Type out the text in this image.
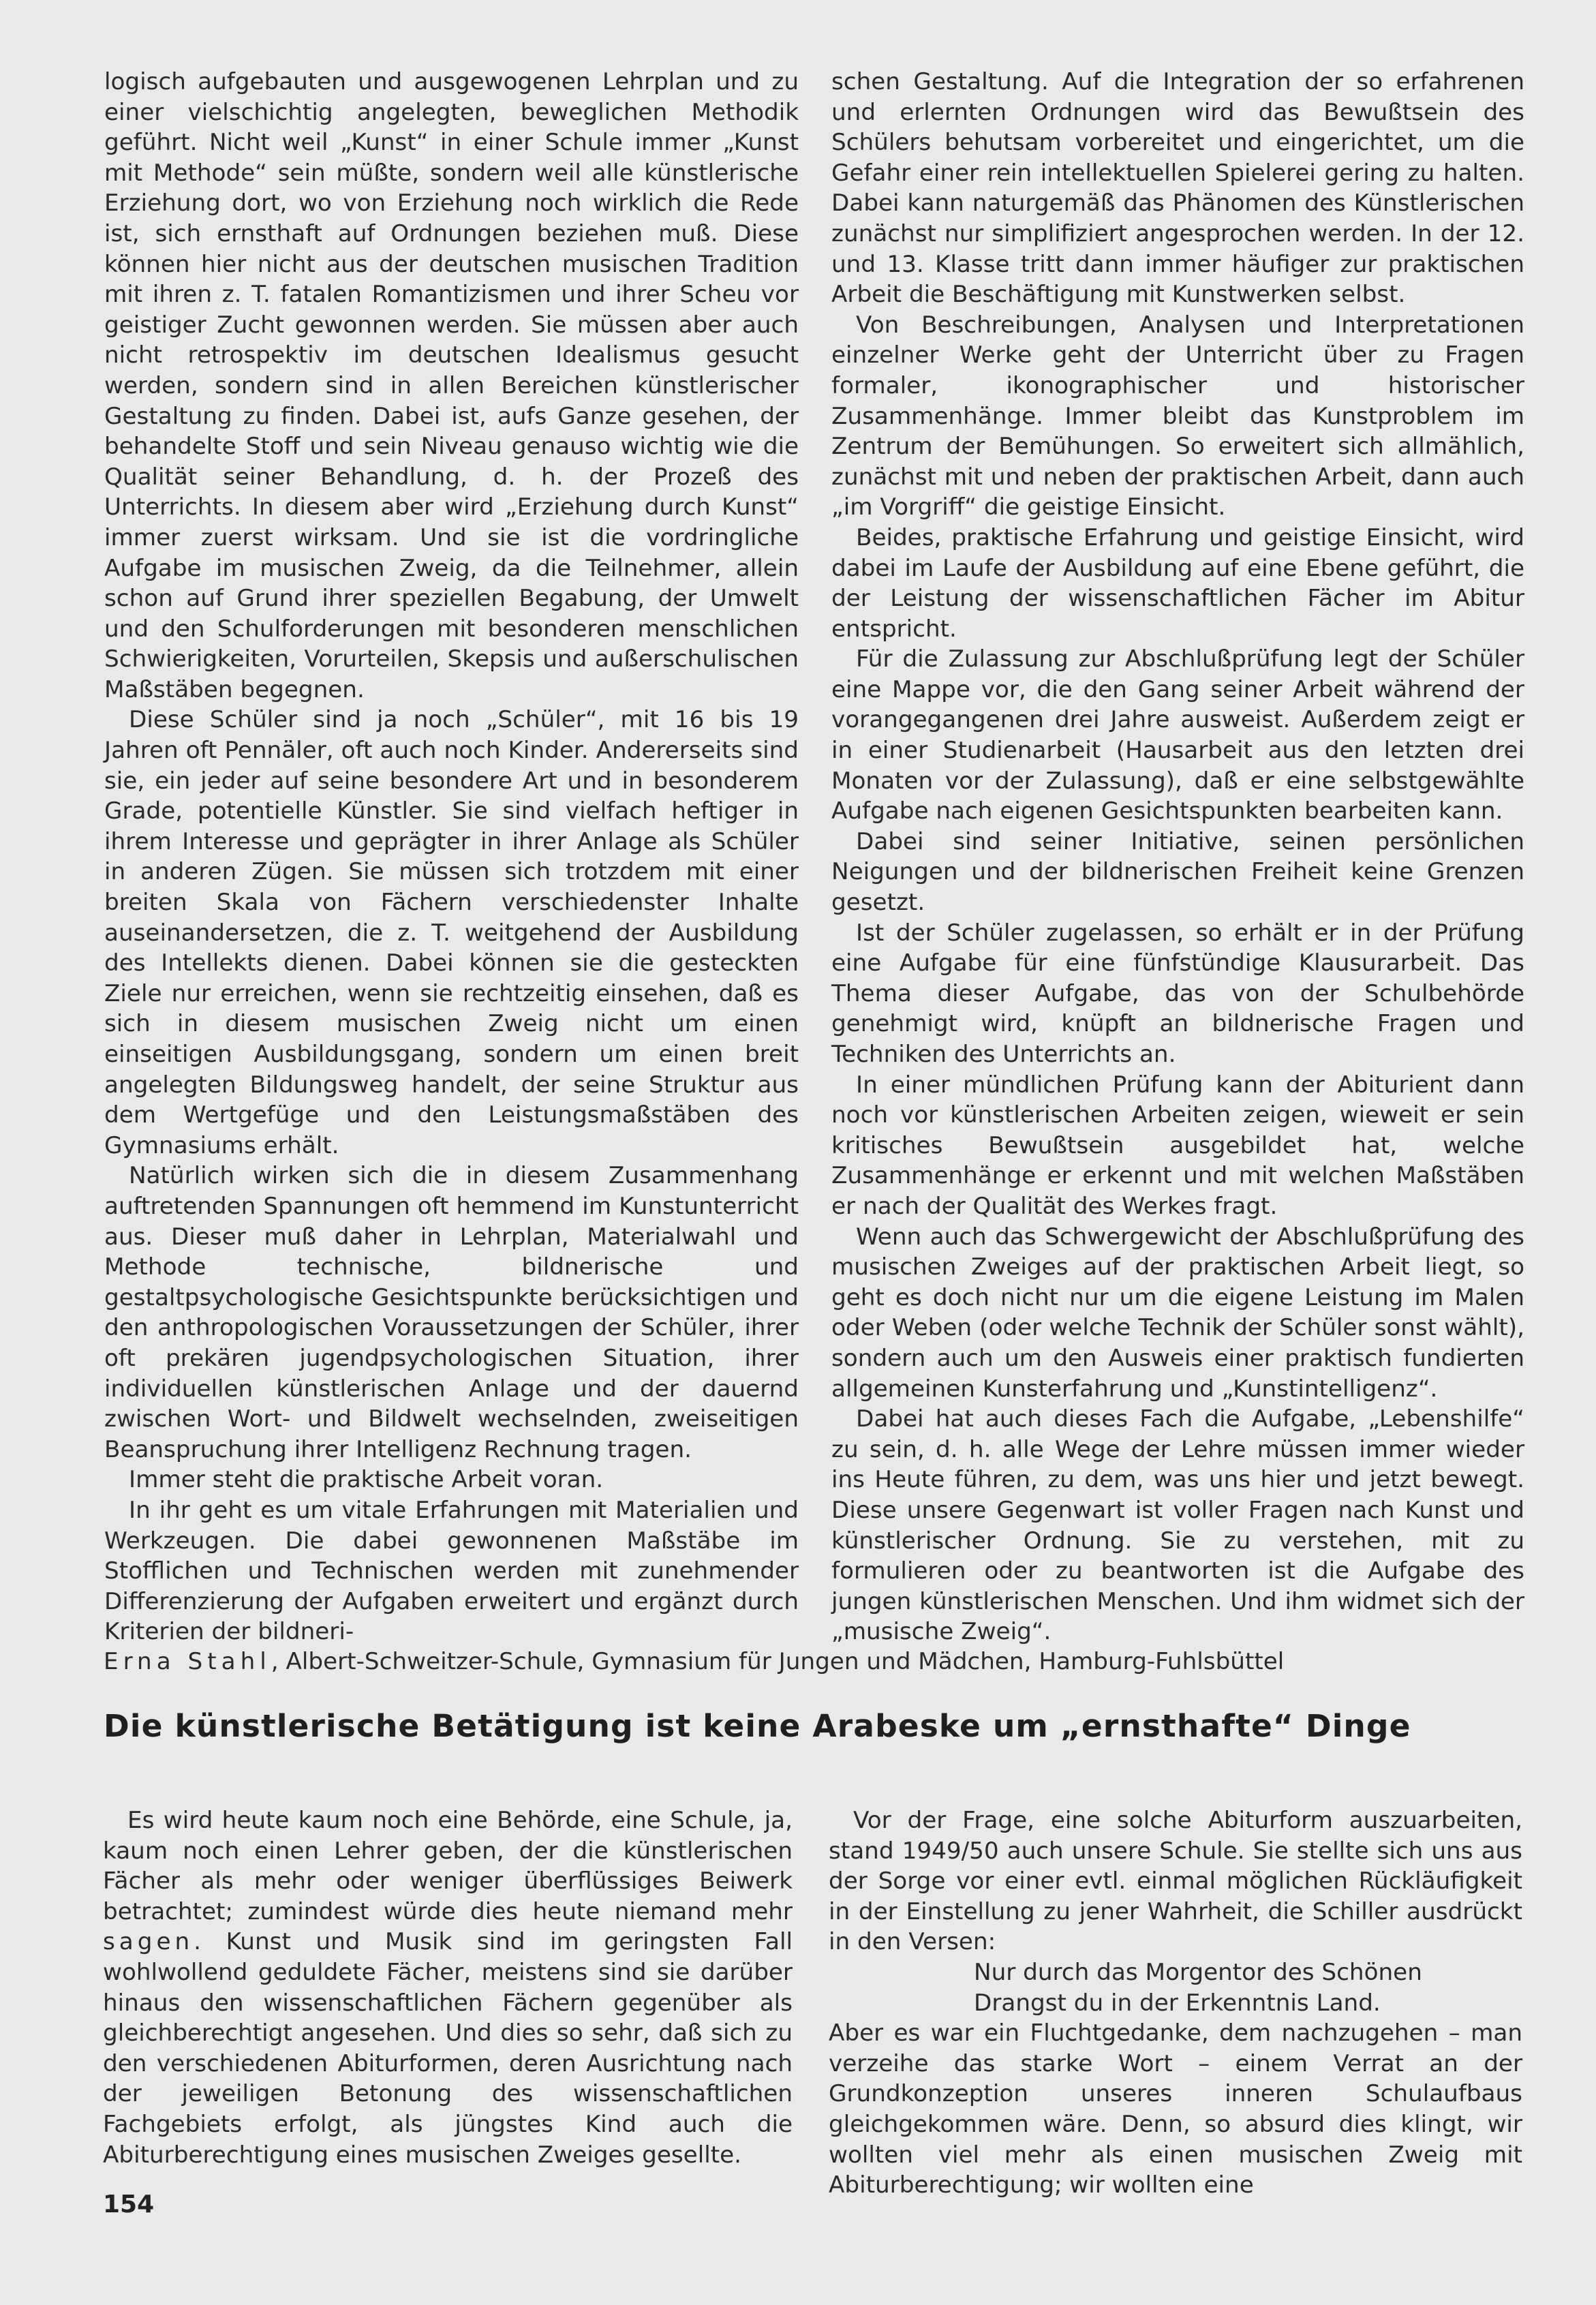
logisch aufgebauten und ausgewogenen Lehrplan und zu einer vielschichtig angelegten, beweglichen Methodik geführt. Nicht weil „Kunst“ in einer Schule immer „Kunst mit Methode“ sein müßte, sondern weil alle künstlerische Erziehung dort, wo von Erziehung noch wirklich die Rede ist, sich ernsthaft auf Ordnungen beziehen muß. Diese können hier nicht aus der deutschen musischen Tradition mit ihren z. T. fatalen Romantizismen und ihrer Scheu vor geistiger Zucht gewonnen werden. Sie müssen aber auch nicht retrospektiv im deutschen Idealismus gesucht werden, sondern sind in allen Bereichen künstlerischer Gestaltung zu finden. Dabei ist, aufs Ganze gesehen, der behandelte Stoff und sein Niveau genauso wichtig wie die Qualität seiner Behandlung, d. h. der Prozeß des Unterrichts. In diesem aber wird „Erziehung durch Kunst“ immer zuerst wirksam. Und sie ist die vordringliche Aufgabe im musischen Zweig, da die Teilnehmer, allein schon auf Grund ihrer speziellen Begabung, der Umwelt und den Schulforderungen mit besonderen menschlichen Schwierigkeiten, Vorurteilen, Skepsis und außerschulischen Maßstäben begegnen.

Diese Schüler sind ja noch „Schüler“, mit 16 bis 19 Jahren oft Pennäler, oft auch noch Kinder. Andererseits sind sie, ein jeder auf seine besondere Art und in besonderem Grade, potentielle Künstler. Sie sind vielfach heftiger in ihrem Interesse und geprägter in ihrer Anlage als Schüler in anderen Zügen. Sie müssen sich trotzdem mit einer breiten Skala von Fächern verschiedenster Inhalte auseinandersetzen, die z. T. weitgehend der Ausbildung des Intellekts dienen. Dabei können sie die gesteckten Ziele nur erreichen, wenn sie rechtzeitig einsehen, daß es sich in diesem musischen Zweig nicht um einen einseitigen Ausbildungsgang, sondern um einen breit angelegten Bildungsweg handelt, der seine Struktur aus dem Wertgefüge und den Leistungsmaßstäben des Gymnasiums erhält.

Natürlich wirken sich die in diesem Zusammenhang auftretenden Spannungen oft hemmend im Kunstunterricht aus. Dieser muß daher in Lehrplan, Materialwahl und Methode technische, bildnerische und gestaltpsychologische Gesichtspunkte berücksichtigen und den anthropologischen Voraussetzungen der Schüler, ihrer oft prekären jugendpsychologischen Situation, ihrer individuellen künstlerischen Anlage und der dauernd zwischen Wort- und Bildwelt wechselnden, zweiseitigen Beanspruchung ihrer Intelligenz Rechnung tragen.

Immer steht die praktische Arbeit voran.

In ihr geht es um vitale Erfahrungen mit Materialien und Werkzeugen. Die dabei gewonnenen Maßstäbe im Stofflichen und Technischen werden mit zunehmender Differenzierung der Aufgaben erweitert und ergänzt durch Kriterien der bildneri-

schen Gestaltung. Auf die Integration der so erfahrenen und erlernten Ordnungen wird das Bewußtsein des Schülers behutsam vorbereitet und eingerichtet, um die Gefahr einer rein intellektuellen Spielerei gering zu halten. Dabei kann naturgemäß das Phänomen des Künstlerischen zunächst nur simplifiziert angesprochen werden. In der 12. und 13. Klasse tritt dann immer häufiger zur praktischen Arbeit die Beschäftigung mit Kunstwerken selbst.

Von Beschreibungen, Analysen und Interpretationen einzelner Werke geht der Unterricht über zu Fragen formaler, ikonographischer und historischer Zusammenhänge. Immer bleibt das Kunstproblem im Zentrum der Bemühungen. So erweitert sich allmählich, zunächst mit und neben der praktischen Arbeit, dann auch „im Vorgriff“ die geistige Einsicht.

Beides, praktische Erfahrung und geistige Einsicht, wird dabei im Laufe der Ausbildung auf eine Ebene geführt, die der Leistung der wissenschaftlichen Fächer im Abitur entspricht.

Für die Zulassung zur Abschlußprüfung legt der Schüler eine Mappe vor, die den Gang seiner Arbeit während der vorangegangenen drei Jahre ausweist. Außerdem zeigt er in einer Studienarbeit (Hausarbeit aus den letzten drei Monaten vor der Zulassung), daß er eine selbstgewählte Aufgabe nach eigenen Gesichtspunkten bearbeiten kann.

Dabei sind seiner Initiative, seinen persönlichen Neigungen und der bildnerischen Freiheit keine Grenzen gesetzt.

Ist der Schüler zugelassen, so erhält er in der Prüfung eine Aufgabe für eine fünfstündige Klausurarbeit. Das Thema dieser Aufgabe, das von der Schulbehörde genehmigt wird, knüpft an bildnerische Fragen und Techniken des Unterrichts an.

In einer mündlichen Prüfung kann der Abiturient dann noch vor künstlerischen Arbeiten zeigen, wieweit er sein kritisches Bewußtsein ausgebildet hat, welche Zusammenhänge er erkennt und mit welchen Maßstäben er nach der Qualität des Werkes fragt.

Wenn auch das Schwergewicht der Abschlußprüfung des musischen Zweiges auf der praktischen Arbeit liegt, so geht es doch nicht nur um die eigene Leistung im Malen oder Weben (oder welche Technik der Schüler sonst wählt), sondern auch um den Ausweis einer praktisch fundierten allgemeinen Kunsterfahrung und „Kunstintelligenz“.

Dabei hat auch dieses Fach die Aufgabe, „Lebenshilfe“ zu sein, d. h. alle Wege der Lehre müssen immer wieder ins Heute führen, zu dem, was uns hier und jetzt bewegt. Diese unsere Gegenwart ist voller Fragen nach Kunst und künstlerischer Ordnung. Sie zu verstehen, mit zu formulieren oder zu beantworten ist die Aufgabe des jungen künstlerischen Menschen. Und ihm widmet sich der „musische Zweig“.

Erna Stahl, Albert-Schweitzer-Schule, Gymnasium für Jungen und Mädchen, Hamburg-Fuhlsbüttel
Die künstlerische Betätigung ist keine Arabeske um „ernsthafte“ Dinge

Es wird heute kaum noch eine Behörde, eine Schule, ja, kaum noch einen Lehrer geben, der die künstlerischen Fächer als mehr oder weniger überflüssiges Beiwerk betrachtet; zumindest würde dies heute niemand mehr sagen. Kunst und Musik sind im geringsten Fall wohlwollend geduldete Fächer, meistens sind sie darüber hinaus den wissenschaftlichen Fächern gegenüber als gleichberechtigt angesehen. Und dies so sehr, daß sich zu den verschiedenen Abiturformen, deren Ausrichtung nach der jeweiligen Betonung des wissenschaftlichen Fachgebiets erfolgt, als jüngstes Kind auch die Abiturberechtigung eines musischen Zweiges gesellte.

Vor der Frage, eine solche Abiturform auszuarbeiten, stand 1949/50 auch unsere Schule. Sie stellte sich uns aus der Sorge vor einer evtl. einmal möglichen Rückläufigkeit in der Einstellung zu jener Wahrheit, die Schiller ausdrückt in den Versen:

Nur durch das Morgentor des Schönen

Drangst du in der Erkenntnis Land.

Aber es war ein Fluchtgedanke, dem nachzugehen – man verzeihe das starke Wort – einem Verrat an der Grundkonzeption unseres inneren Schulaufbaus gleichgekommen wäre. Denn, so absurd dies klingt, wir wollten viel mehr als einen musischen Zweig mit Abiturberechtigung; wir wollten eine

154
